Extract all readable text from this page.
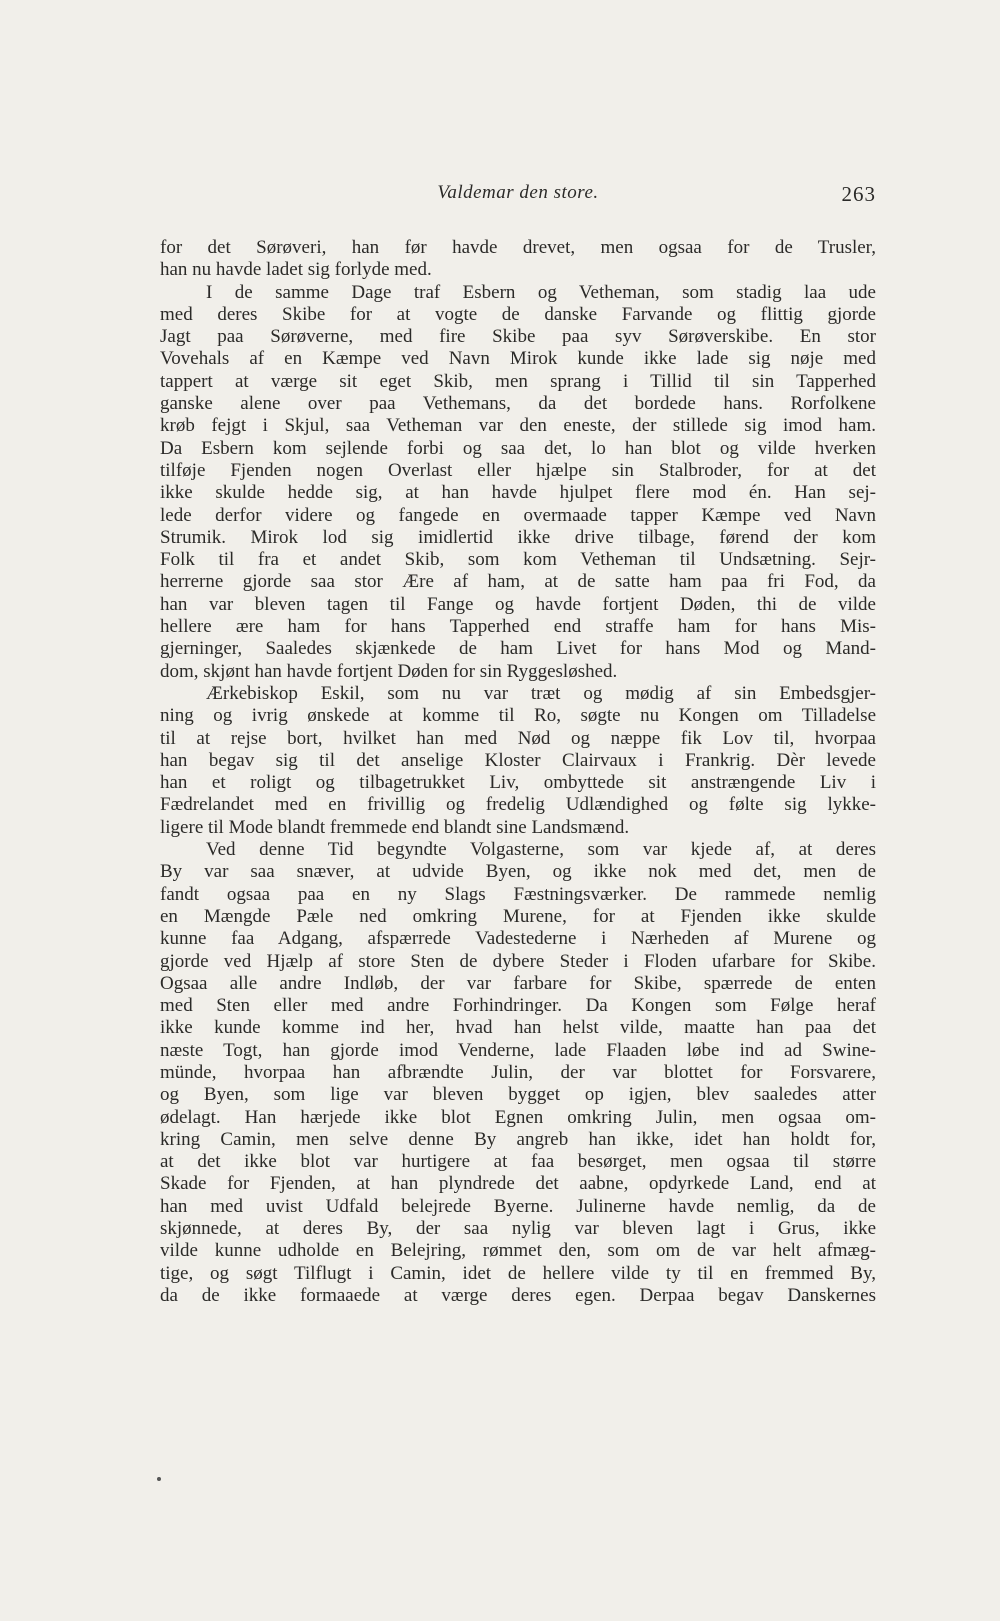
Valdemar den store.	263
for det Sørøveri, han før havde drevet, men ogsaa for de Trusler,
han nu havde ladet sig forlyde med.
I de samme Dage traf Esbern og Vetheman, som stadig laa ude
med deres Skibe for at vogte de danske Farvande og flittig gjorde
Jagt paa Sørøverne, med fire Skibe paa syv Sørøverskibe. En stor
Vovehals af en Kæmpe ved Navn Mirok kunde ikke lade sig nøje med
tappert at værge sit eget Skib, men sprang i Tillid til sin Tapperhed
ganske alene over paa Vethemans, da det bordede hans. Rorfolkene
krøb fejgt i Skjul, saa Vetheman var den eneste, der stillede sig imod ham.
Da Esbern kom sejlende forbi og saa det, lo han blot og vilde hverken
tilføje Fjenden nogen Overlast eller hjælpe sin Stalbroder, for at det
ikke skulde hedde sig, at han havde hjulpet flere mod én. Han sej-
lede derfor videre og fangede en overmaade tapper Kæmpe ved Navn
Strumik. Mirok lod sig imidlertid ikke drive tilbage, førend der kom
Folk til fra et andet Skib, som kom Vetheman til Undsætning. Sejr-
herrerne gjorde saa stor Ære af ham, at de satte ham paa fri Fod, da
han var bleven tagen til Fange og havde fortjent Døden, thi de vilde
hellere ære ham for hans Tapperhed end straffe ham for hans Mis-
gjerninger, Saaledes skjænkede de ham Livet for hans Mod og Mand-
dom, skjønt han havde fortjent Døden for sin Ryggesløshed.
Ærkebiskop Eskil, som nu var træt og mødig af sin Embedsgjer-
ning og ivrig ønskede at komme til Ro, søgte nu Kongen om Tilladelse
til at rejse bort, hvilket han med Nød og næppe fik Lov til, hvorpaa
han begav sig til det anselige Kloster Clairvaux i Frankrig. Dèr levede
han et roligt og tilbagetrukket Liv, ombyttede sit anstrængende Liv i
Fædrelandet med en frivillig og fredelig Udlændighed og følte sig lykke-
ligere til Mode blandt fremmede end blandt sine Landsmænd.
Ved denne Tid begyndte Volgasterne, som var kjede af, at deres
By var saa snæver, at udvide Byen, og ikke nok med det, men de
fandt ogsaa paa en ny Slags Fæstningsværker. De rammede nemlig
en Mængde Pæle ned omkring Murene, for at Fjenden ikke skulde
kunne faa Adgang, afspærrede Vadestederne i Nærheden af Murene og
gjorde ved Hjælp af store Sten de dybere Steder i Floden ufarbare for Skibe.
Ogsaa alle andre Indløb, der var farbare for Skibe, spærrede de enten
med Sten eller med andre Forhindringer. Da Kongen som Følge heraf
ikke kunde komme ind her, hvad han helst vilde, maatte han paa det
næste Togt, han gjorde imod Venderne, lade Flaaden løbe ind ad Swine-
münde, hvorpaa han afbrændte Julin, der var blottet for Forsvarere,
og Byen, som lige var bleven bygget op igjen, blev saaledes atter
ødelagt. Han hærjede ikke blot Egnen omkring Julin, men ogsaa om-
kring Camin, men selve denne By angreb han ikke, idet han holdt for,
at det ikke blot var hurtigere at faa besørget, men ogsaa til større
Skade for Fjenden, at han plyndrede det aabne, opdyrkede Land, end at
han med uvist Udfald belejrede Byerne. Julinerne havde nemlig, da de
skjønnede, at deres By, der saa nylig var bleven lagt i Grus, ikke
vilde kunne udholde en Belejring, rømmet den, som om de var helt afmæg-
tige, og søgt Tilflugt i Camin, idet de hellere vilde ty til en fremmed By,
da de ikke formaaede at værge deres egen. Derpaa begav Danskernes
